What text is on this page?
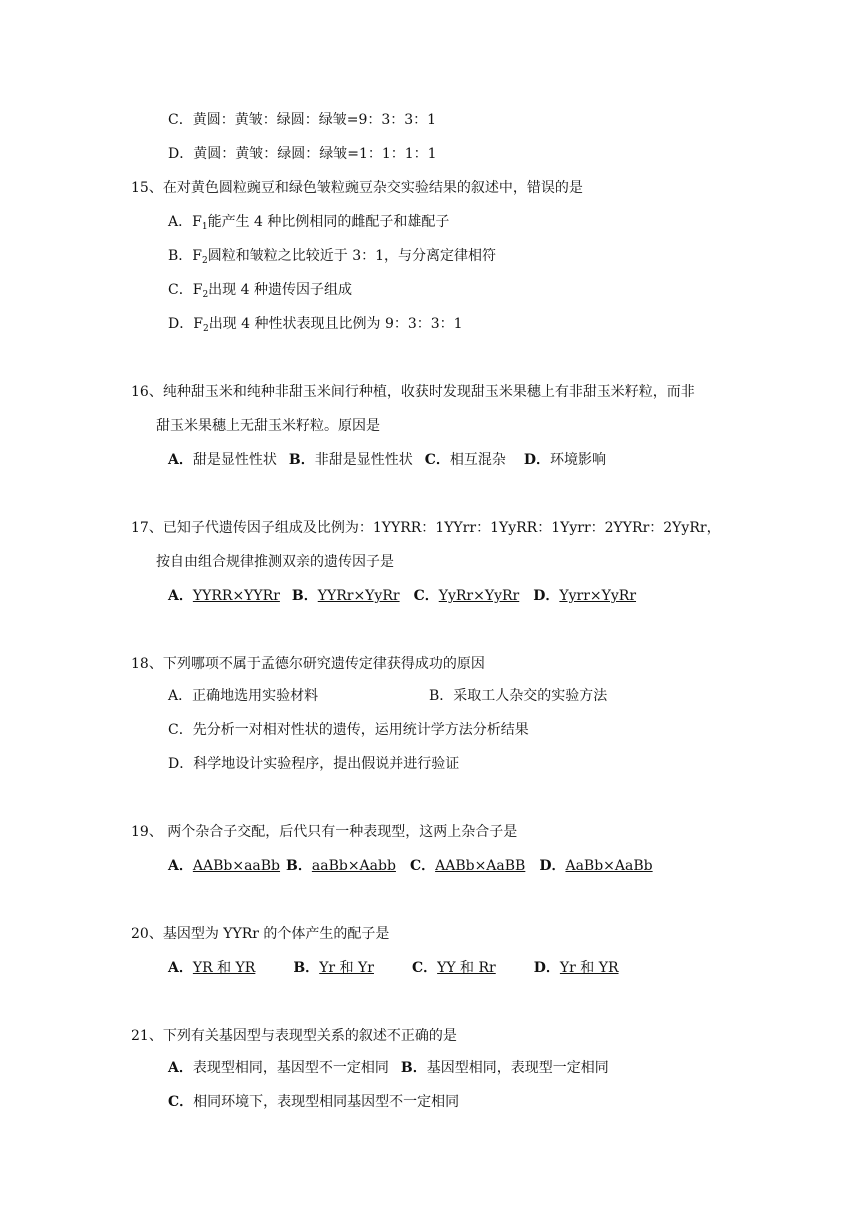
C．黄圆：黄皱：绿圆：绿皱=9：3：3：1
D．黄圆：黄皱：绿圆：绿皱=1：1：1：1
15、在对黄色圆粒豌豆和绿色皱粒豌豆杂交实验结果的叙述中，错误的是
A．$F_1$能产生 4 种比例相同的雌配子和雄配子
B．$F_2$圆粒和皱粒之比较近于 3：1，与分离定律相符
C．$F_2$出现 4 种遗传因子组成
D．$F_2$出现 4 种性状表现且比例为 9：3：3：1
16、纯种甜玉米和纯种非甜玉米间行种植，收获时发现甜玉米果穗上有非甜玉米籽粒，而非
甜玉米果穗上无甜玉米籽粒。原因是
A．甜是显性性状 B．非甜是显性性状 C．相互混杂 D．环境影响
17、已知子代遗传因子组成及比例为：1YYRR：1YYrr：1YyRR：1Yyrr：2YYRr：2YyRr，
按自由组合规律推测双亲的遗传因子是
A．YYRR×YYRr B．YYRr×YyRr C．YyRr×YyRr D．Yyrr×YyRr
18、下列哪项不属于孟德尔研究遗传定律获得成功的原因
A．正确地选用实验材料	B．采取工人杂交的实验方法
C．先分析一对相对性状的遗传，运用统计学方法分析结果
D．科学地设计实验程序，提出假说并进行验证
19、 两个杂合子交配，后代只有一种表现型，这两上杂合子是
A．AABb×aaBb B．aaBb×Aabb C．AABb×AaBB D．AaBb×AaBb
20、基因型为 YYRr 的个体产生的配子是
A．YR 和 YR	B．Yr 和 Yr	C．YY 和 Rr	D．Yr 和 YR
21、下列有关基因型与表现型关系的叙述不正确的是
A．表现型相同，基因型不一定相同 B．基因型相同，表现型一定相同
C．相同环境下，表现型相同基因型不一定相同
